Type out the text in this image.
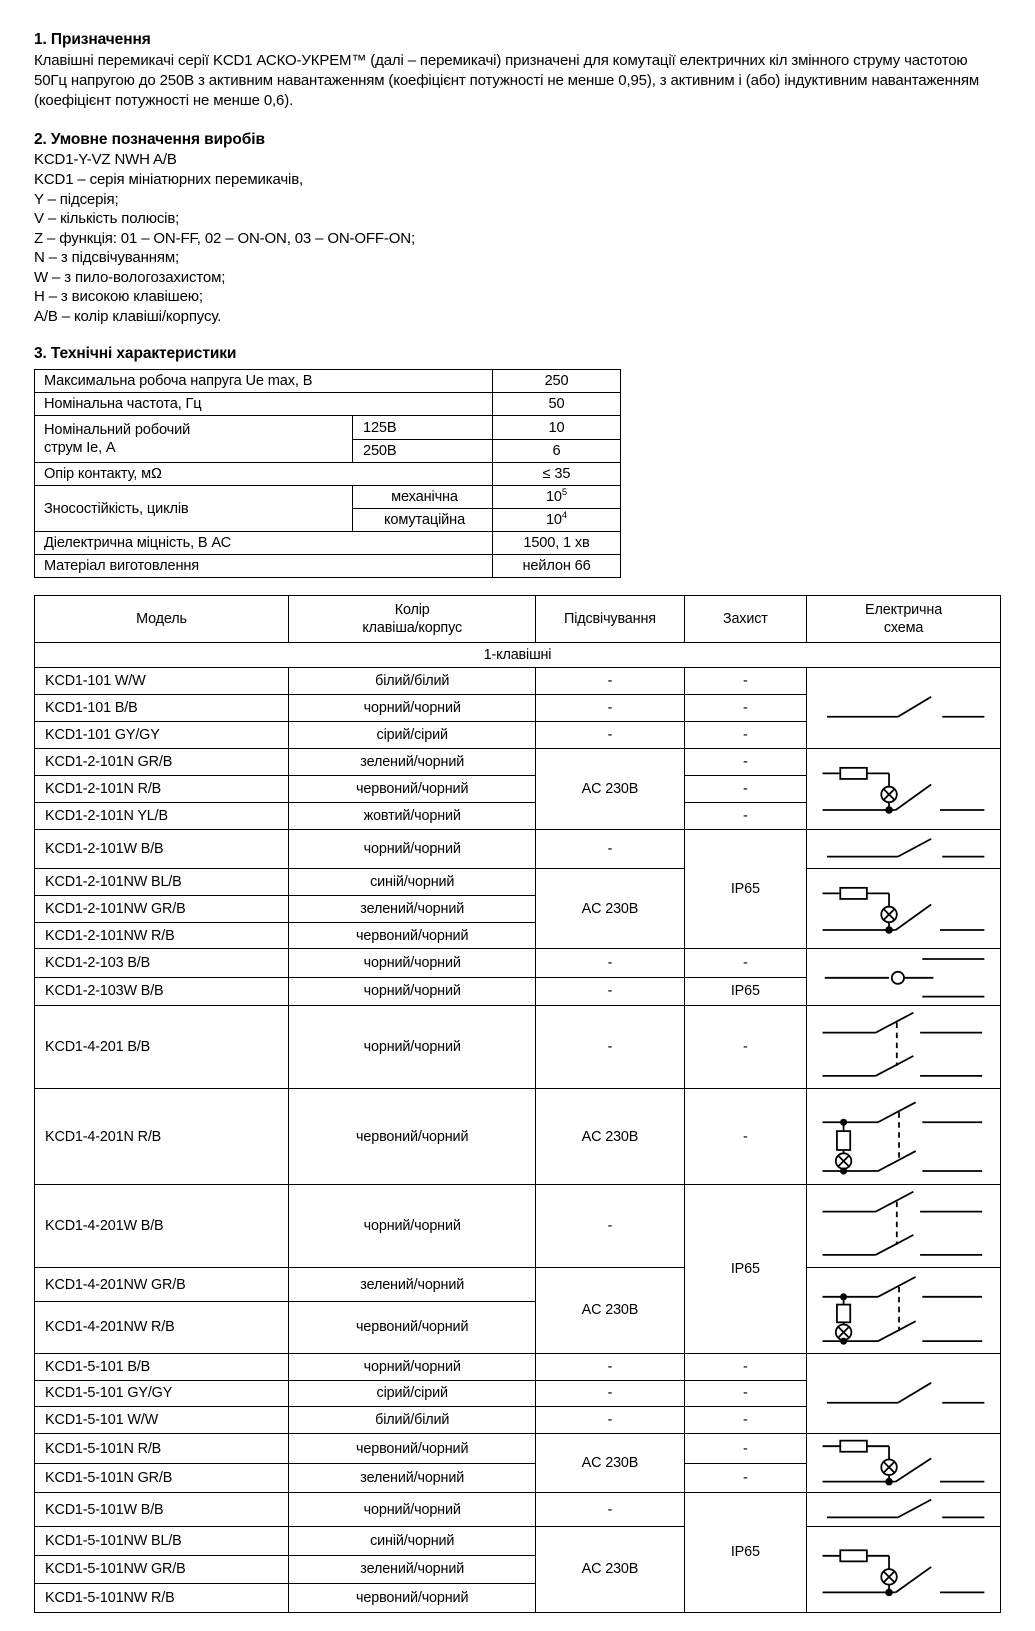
1. Призначення

Клавішні перемикачі серії KCD1 АСКО-УКРЕМ™ (далі – перемикачі) призначені для комутації електричних кіл змінного струму частотою 50Гц напругою до 250В з активним навантаженням (коефіцієнт потужності не менше 0,95), з активним і (або) індуктивним навантаженням (коефіцієнт потужності не менше 0,6).

2. Умовне позначення виробів
KCD1-Y-VZ NWH A/B
KCD1 – серія мініатюрних перемикачів,
Y – підсерія;
V – кількість полюсів;
Z – функція: 01 – ON-FF, 02 – ON-ON, 03 – ON-OFF-ON;
N – з підсвічуванням;
W – з пило-вологозахистом;
H – з високою клавішею;
A/B – колір клавіші/корпусу.
3. Технічні характеристики
Максимальна робоча напруга Ue max, В		250
Номінальна частота, Гц		50

Номінальний робочий
струм Ie, А	125В	10
	250В	6
Опір контакту, мΩ		≤ 35
Зносостійкість, циклів	механічна	$10^5$
	комутаційна	$10^4$
Діелектрична міцність, В АС		1500, 1 хв
Матеріал виготовлення		нейлон 66
Модель	
Колір
клавіша/корпус
	Підсвічування	Захист	
Електрична
схема

1-клавішні				
KCD1-101 W/W	білий/білий	-	-	

KCD1-101 B/B	чорний/чорний	-	-	
KCD1-101 GY/GY	сірий/сірий	-	-	
KCD1-2-101N GR/B	зелений/чорний	AC 230B	-	

KCD1-2-101N R/B	червоний/чорний		-	
KCD1-2-101N YL/B	жовтий/чорний		-	
KCD1-2-101W B/B	чорний/чорний	-	IP65	

KCD1-2-101NW BL/B	синій/чорний	AC 230B	

KCD1-2-101NW GR/B	зелений/чорний			
KCD1-2-101NW R/B	червоний/чорний			
KCD1-2-103 B/B	чорний/чорний	-	-	

KCD1-2-103W B/B	чорний/чорний	-	IP65	
KCD1-4-201 B/B	чорний/чорний	-	-	

KCD1-4-201N R/B	червоний/чорний	AC 230B	-	

KCD1-4-201W B/B	чорний/чорний	-	IP65	

KCD1-4-201NW GR/B	зелений/чорний	AC 230B	

KCD1-4-201NW R/B	червоний/чорний			
KCD1-5-101 B/B	чорний/чорний	-	-	

KCD1-5-101 GY/GY	сірий/сірий	-	-	
KCD1-5-101 W/W	білий/білий	-	-	
KCD1-5-101N R/B	червоний/чорний	AC 230B	-	

KCD1-5-101N GR/B	зелений/чорний		-	
KCD1-5-101W B/B	чорний/чорний	-	IP65	

KCD1-5-101NW BL/B	синій/чорний	AC 230B	

KCD1-5-101NW GR/B	зелений/чорний			
KCD1-5-101NW R/B	червоний/чорний			
